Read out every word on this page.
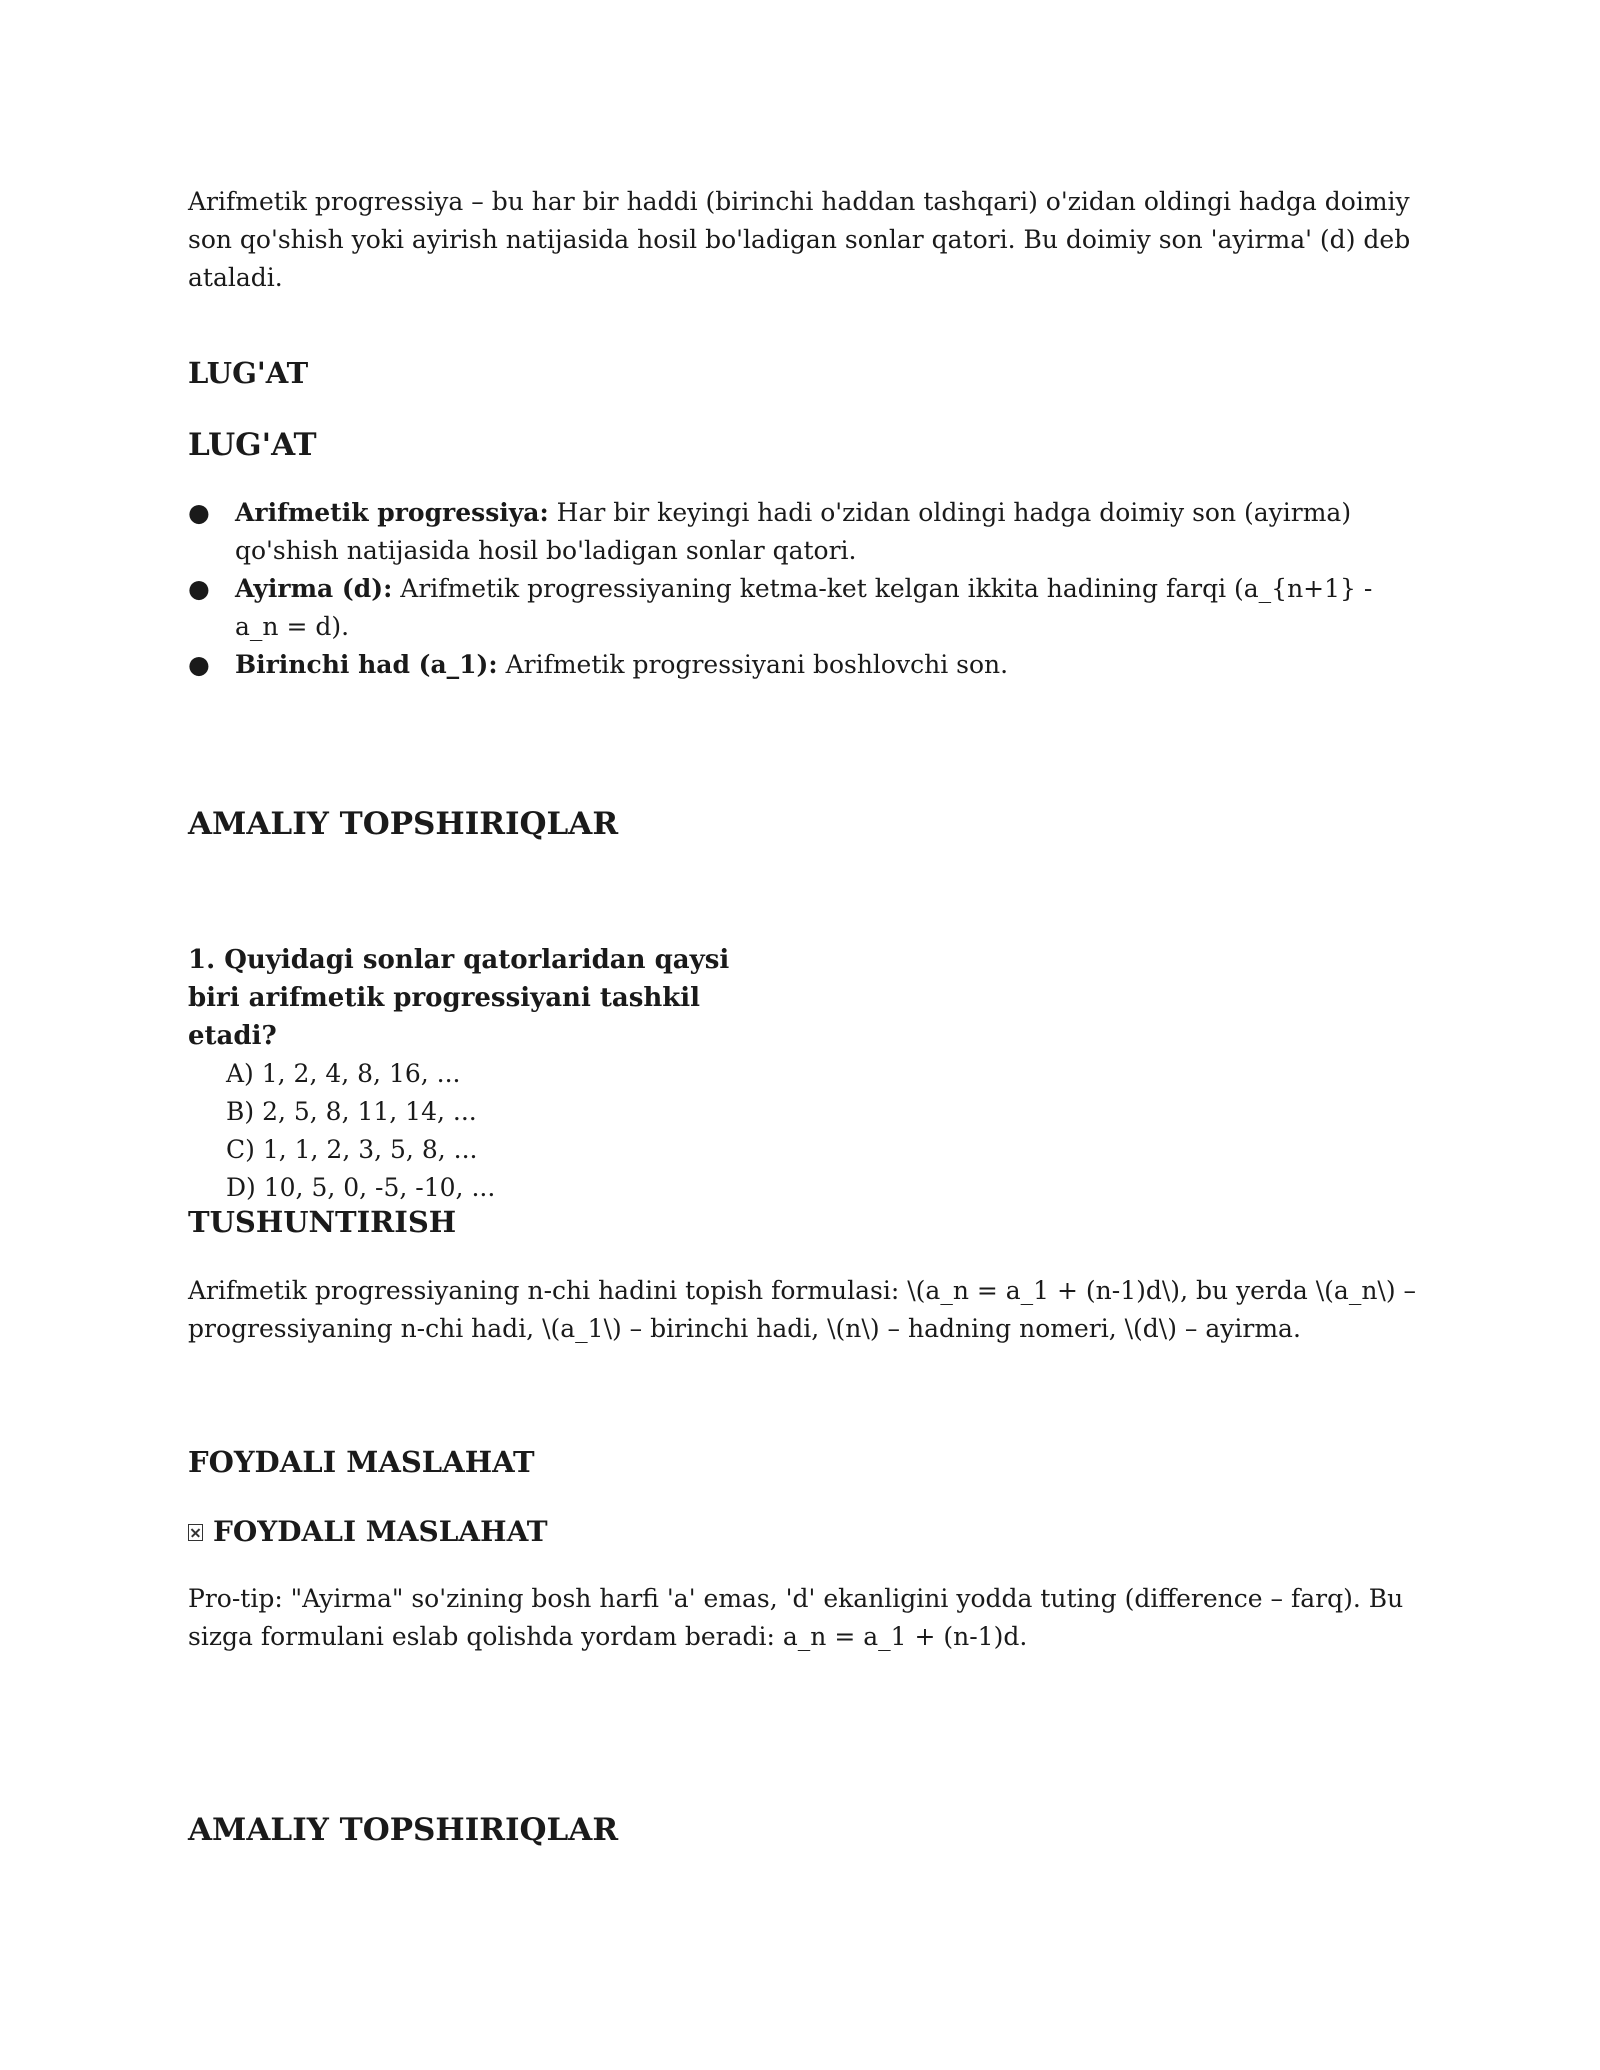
Arifmetik progressiya – bu har bir haddi (birinchi haddan tashqari) o'zidan oldingi hadga doimiy son qo'shish yoki ayirish natijasida hosil bo'ladigan sonlar qatori. Bu doimiy son 'ayirma' (d) deb ataladi.

LUG'AT
LUG'AT
● Arifmetik progressiya: Har bir keyingi hadi o'zidan oldingi hadga doimiy son (ayirma) qo'shish natijasida hosil bo'ladigan sonlar qatori.
● Ayirma (d): Arifmetik progressiyaning ketma-ket kelgan ikkita hadining farqi (a_{n+1} - a_n = d).
● Birinchi had (a_1): Arifmetik progressiyani boshlovchi son.
AMALIY TOPSHIRIQLAR

1. Quyidagi sonlar qatorlaridan qaysi biri arifmetik progressiyani tashkil etadi?

A) 1, 2, 4, 8, 16, ...
B) 2, 5, 8, 11, 14, ...
C) 1, 1, 2, 3, 5, 8, ...
D) 10, 5, 0, -5, -10, ...
TUSHUNTIRISH

Arifmetik progressiyaning n-chi hadini topish formulasi: \(a_n = a_1 + (n-1)d\), bu yerda \(a_n\) – progressiyaning n-chi hadi, \(a_1\) – birinchi hadi, \(n\) – hadning nomeri, \(d\) – ayirma.

FOYDALI MASLAHAT
FOYDALI MASLAHAT

Pro-tip: "Ayirma" so'zining bosh harfi 'a' emas, 'd' ekanligini yodda tuting (difference – farq). Bu sizga formulani eslab qolishda yordam beradi: a_n = a_1 + (n-1)d.

AMALIY TOPSHIRIQLAR
